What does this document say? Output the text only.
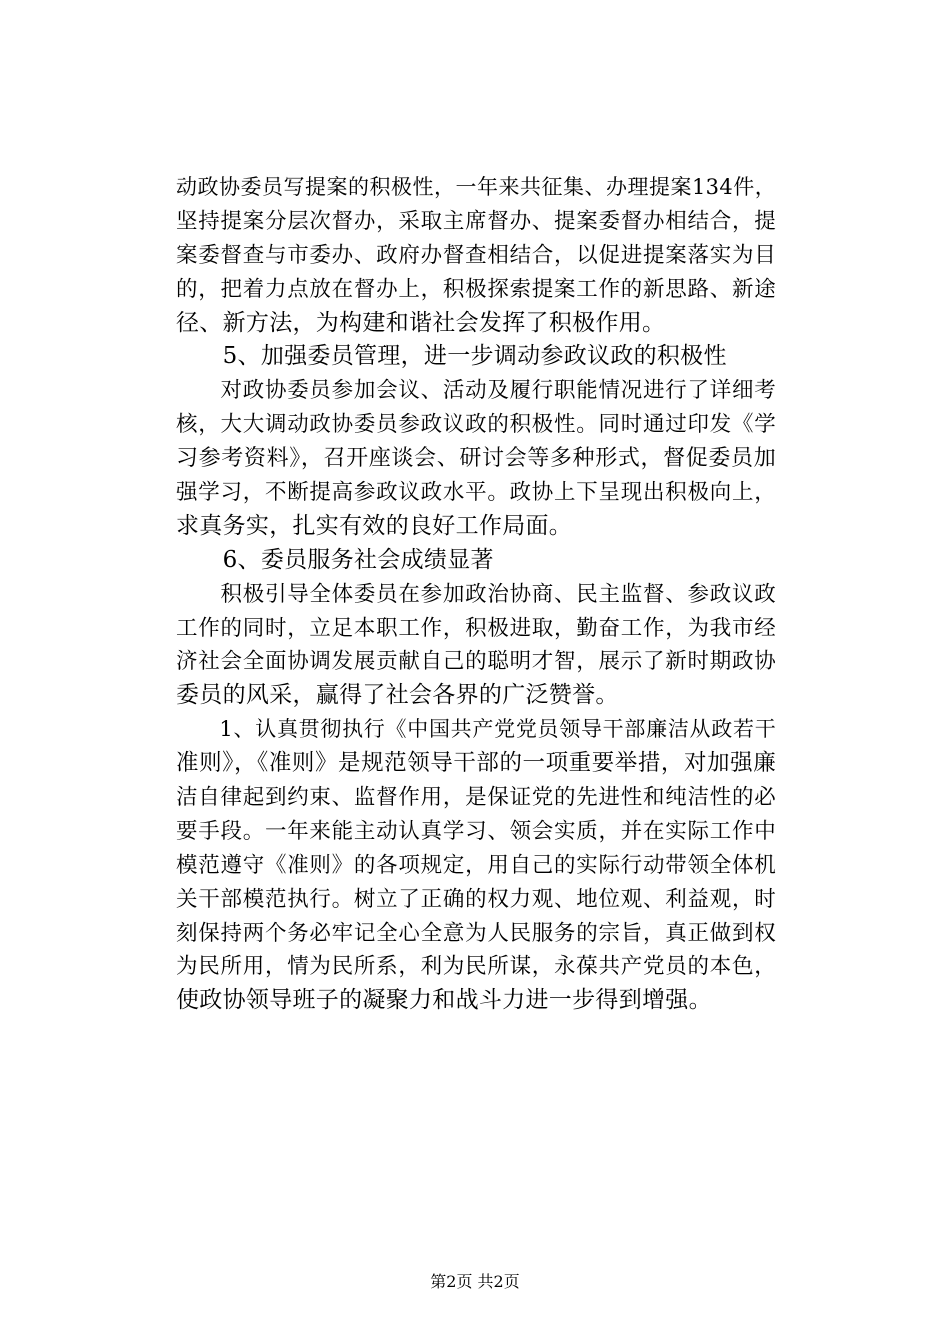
动政协委员写提案的积极性，一年来共征集、办理提案134件，
坚持提案分层次督办，采取主席督办、提案委督办相结合，提
案委督查与市委办、政府办督查相结合，以促进提案落实为目
的，把着力点放在督办上，积极探索提案工作的新思路、新途
径、新方法，为构建和谐社会发挥了积极作用。
　　5、加强委员管理，进一步调动参政议政的积极性
　　对政协委员参加会议、活动及履行职能情况进行了详细考
核，大大调动政协委员参政议政的积极性。同时通过印发《学
习参考资料》，召开座谈会、研讨会等多种形式，督促委员加
强学习，不断提高参政议政水平。政协上下呈现出积极向上，
求真务实，扎实有效的良好工作局面。
　　6、委员服务社会成绩显著
　　积极引导全体委员在参加政治协商、民主监督、参政议政
工作的同时，立足本职工作，积极进取，勤奋工作，为我市经
济社会全面协调发展贡献自己的聪明才智，展示了新时期政协
委员的风采，赢得了社会各界的广泛赞誉。
　　1、认真贯彻执行《中国共产党党员领导干部廉洁从政若干
准则》，《准则》是规范领导干部的一项重要举措，对加强廉
洁自律起到约束、监督作用，是保证党的先进性和纯洁性的必
要手段。一年来能主动认真学习、领会实质，并在实际工作中
模范遵守《准则》的各项规定，用自己的实际行动带领全体机
关干部模范执行。树立了正确的权力观、地位观、利益观，时
刻保持两个务必牢记全心全意为人民服务的宗旨，真正做到权
为民所用，情为民所系，利为民所谋，永葆共产党员的本色，
使政协领导班子的凝聚力和战斗力进一步得到增强。
第2页 共2页
